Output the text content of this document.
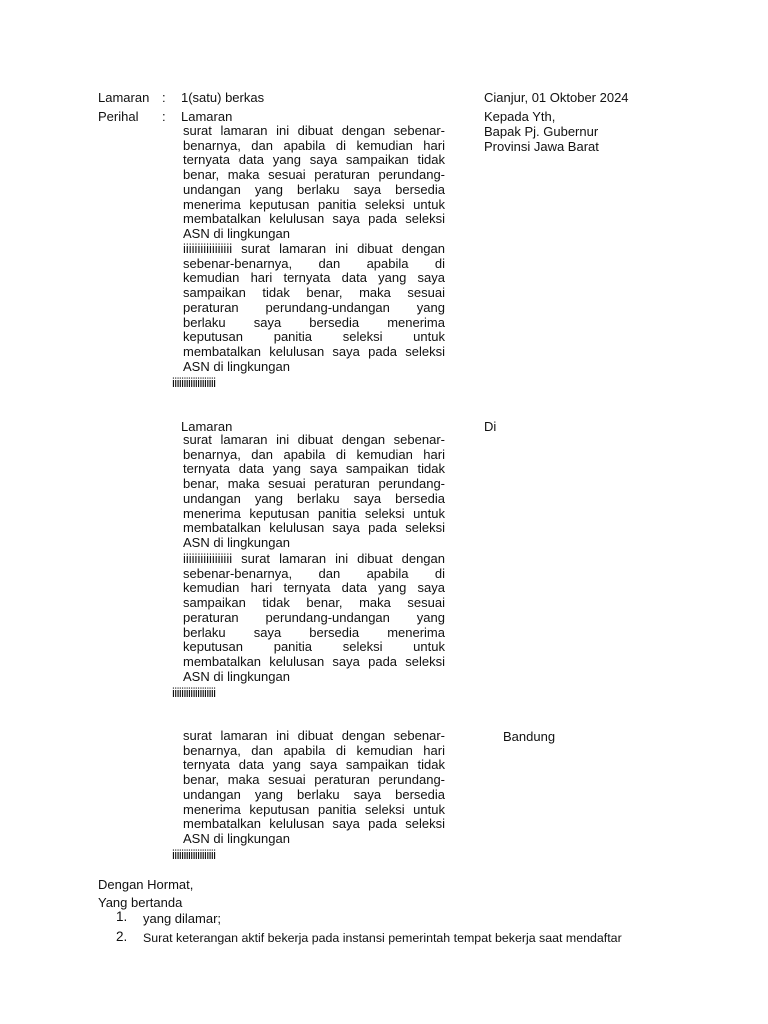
Lamaran : 1(satu) berkas	Cianjur, 01 Oktober 2024
Perihal : Lamaran	Kepada Yth,
Bapak Pj. Gubernur
Provinsi Jawa Barat
surat lamaran ini dibuat dengan sebenar-
benarnya, dan apabila di kemudian hari
ternyata data yang saya sampaikan tidak
benar, maka sesuai peraturan perundang-
undangan yang berlaku saya bersedia
menerima keputusan panitia seleksi untuk
membatalkan kelulusan saya pada seleksi
ASN di lingkungan
iiiiiiiiiiiiiiiii surat lamaran ini dibuat dengan
sebenar-benarnya, dan apabila di
kemudian hari ternyata data yang saya
sampaikan tidak benar, maka sesuai
peraturan perundang-undangan yang
berlaku saya bersedia menerima
keputusan panitia seleksi untuk
membatalkan kelulusan saya pada seleksi
ASN di lingkungan
iiiiiiiiiiiiiiiiiii
Lamaran	Di
surat lamaran ini dibuat dengan sebenar-
benarnya, dan apabila di kemudian hari
ternyata data yang saya sampaikan tidak
benar, maka sesuai peraturan perundang-
undangan yang berlaku saya bersedia
menerima keputusan panitia seleksi untuk
membatalkan kelulusan saya pada seleksi
ASN di lingkungan
iiiiiiiiiiiiiiiii surat lamaran ini dibuat dengan
sebenar-benarnya, dan apabila di
kemudian hari ternyata data yang saya
sampaikan tidak benar, maka sesuai
peraturan perundang-undangan yang
berlaku saya bersedia menerima
keputusan panitia seleksi untuk
membatalkan kelulusan saya pada seleksi
ASN di lingkungan
iiiiiiiiiiiiiiiiiii
Bandung
surat lamaran ini dibuat dengan sebenar-
benarnya, dan apabila di kemudian hari
ternyata data yang saya sampaikan tidak
benar, maka sesuai peraturan perundang-
undangan yang berlaku saya bersedia
menerima keputusan panitia seleksi untuk
membatalkan kelulusan saya pada seleksi
ASN di lingkungan
iiiiiiiiiiiiiiiiiii
Dengan Hormat,
Yang bertanda
1. yang dilamar;
2. Surat keterangan aktif bekerja pada instansi pemerintah tempat bekerja saat mendaftar
